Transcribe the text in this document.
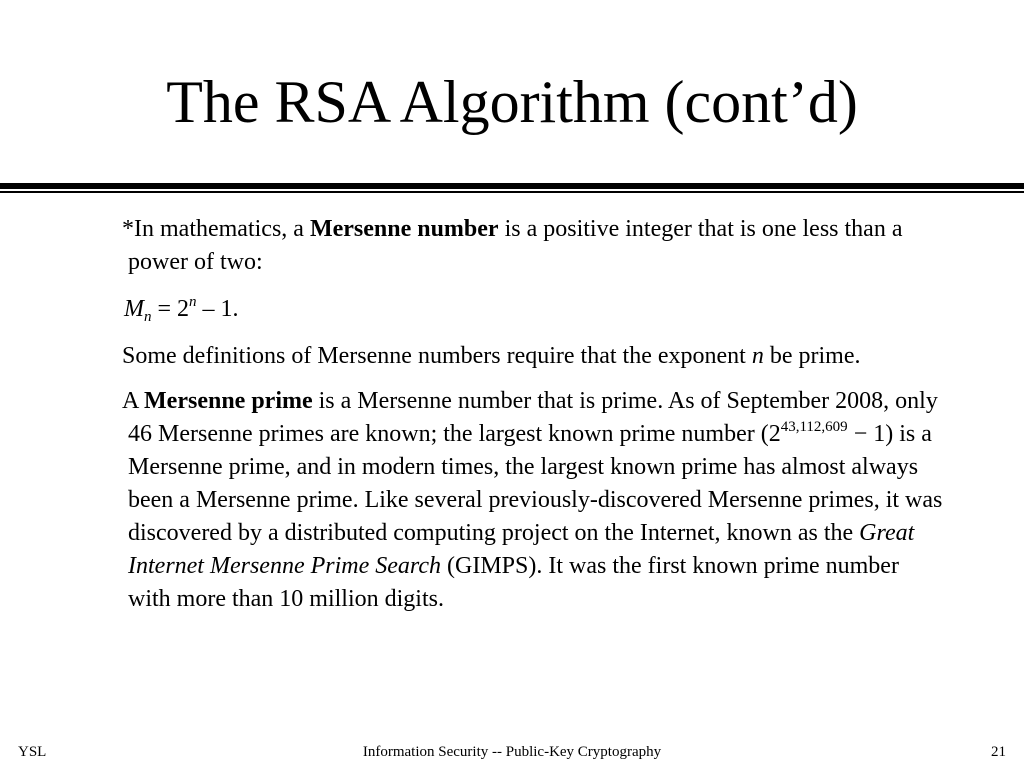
The RSA Algorithm (cont’d)

*In mathematics, a Mersenne number is a positive integer that is one less than a power of two:

$M_n = 2^n - 1$.

Some definitions of Mersenne numbers require that the exponent n be prime.

A Mersenne prime is a Mersenne number that is prime. As of September 2008, only 46 Mersenne primes are known; the largest known prime number $(2^{43,112,609} - 1)$ is a Mersenne prime, and in modern times, the largest known prime has almost always been a Mersenne prime. Like several previously-discovered Mersenne primes, it was discovered by a distributed computing project on the Internet, known as the Great Internet Mersenne Prime Search (GIMPS). It was the first known prime number with more than 10 million digits.

YSL	Information Security -- Public-Key Cryptography	21
